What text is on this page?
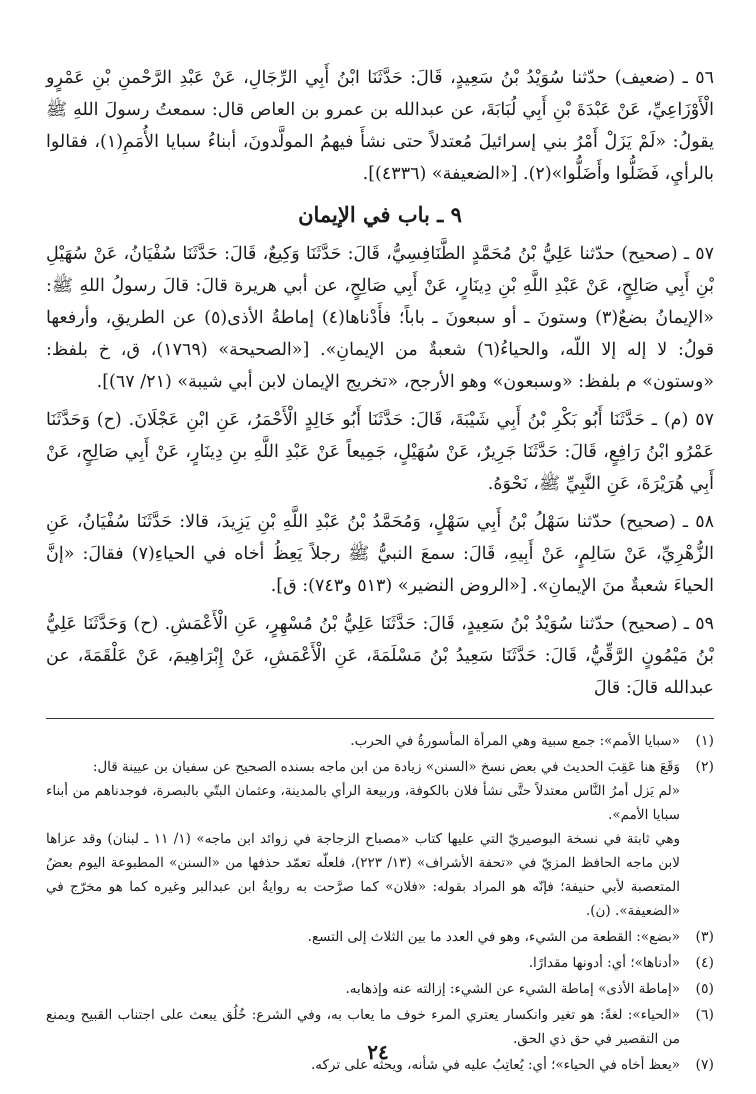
٥٦ ـ (ضعيف) حدّثنا سُوَيْدُ بْنُ سَعِيدٍ، قَالَ: حَدَّثَنَا ابْنُ أَبِي الرِّجَالِ، عَنْ عَبْدِ الرَّحْمنِ بْنِ عَمْرٍو الْأَوْزَاعِيِّ، عَنْ عَبْدَةَ بْنِ أَبِي لُبَابَةَ، عن عبدالله بن عمرو بن العاص قال: سمعتُ رسولَ اللهِ ﷺ يقولُ: «لَمْ يَزَلْ أَمْرُ بني إسرائيلَ مُعتدلاً حتى نشأَ فيهمُ المولَّدونَ، أبناءُ سبايا الأُمَمِ(١)، فقالوا بالرأيِ، فَضَلُّوا وأَضَلُّوا»(٢). [«الضعيفة» (٤٣٣٦)].

٩ ـ باب في الإيمان

٥٧ ـ (صحيح) حدّثنا عَلِيُّ بْنُ مُحَمَّدٍ الطَّنَافِسِيُّ، قَالَ: حَدَّثَنَا وَكِيعٌ، قَالَ: حَدَّثَنَا سُفْيَانُ، عَنْ سُهَيْلِ بْنِ أَبِي صَالِحٍ، عَنْ عَبْدِ اللَّهِ بْنِ دِينَارٍ، عَنْ أَبِي صَالِحٍ، عن أبي هريرة قالَ: قالَ رسولُ اللهِ ﷺ: «الإيمانُ بضعٌ(٣) وستونَ ـ أو سبعونَ ـ باباً؛ فأَدْناها(٤) إماطةُ الأذى(٥) عن الطريقِ، وأرفعها قولُ: لا إله إلا اللّه، والحياءُ(٦) شعبةٌ من الإيمانِ». [«الصحيحة» (١٧٦٩)، ق، خ بلفظ: «وستون» م بلفظ: «وسبعون» وهو الأرجح، «تخريج الإيمان لابن أبي شيبة» (٢١/ ٦٧)].

٥٧ (م) ـ حَدَّثَنَا أَبُو بَكْرِ بْنُ أَبِي شَيْبَةَ، قَالَ: حَدَّثَنَا أَبُو خَالِدٍ الْأَحْمَرُ، عَنِ ابْنِ عَجْلَانَ. (ح) وَحَدَّثَنَا عَمْرُو ابْنُ رَافِعٍ، قَالَ: حَدَّثَنَا جَرِيرٌ، عَنْ سُهَيْلٍ، جَمِيعاً عَنْ عَبْدِ اللَّهِ بنِ دِينَارٍ، عَنْ أَبِي صَالِحٍ، عَنْ أَبِي هُرَيْرَةَ، عَنِ النَّبِيِّ ﷺ، نَحْوَهُ.

٥٨ ـ (صحيح) حدّثنا سَهْلُ بْنُ أَبِي سَهْلٍ، وَمُحَمَّدُ بْنُ عَبْدِ اللَّهِ بْنِ يَزِيدَ، قالا: حَدَّثَنَا سُفْيَانُ، عَنِ الزُّهْرِيِّ، عَنْ سَالِمٍ، عَنْ أَبِيهِ، قَالَ: سمعَ النبيُّ ﷺ رجلاً يَعِظُ أخاه في الحياءِ(٧) فقالَ: «إنَّ الحياءَ شعبةٌ منَ الإيمانِ». [«الروض النضير» (٥١٣ و٧٤٣): ق].

٥٩ ـ (صحيح) حدّثنا سُوَيْدُ بْنُ سَعِيدٍ، قَالَ: حَدَّثَنَا عَلِيُّ بْنُ مُسْهِرٍ، عَنِ الْأَعْمَشِ. (ح) وَحَدَّثَنَا عَلِيُّ بْنُ مَيْمُونٍ الرَّقِّيُّ، قَالَ: حَدَّثَنَا سَعِيدُ بْنُ مَسْلَمَةَ، عَنِ الْأَعْمَشِ، عَنْ إِبْرَاهِيمَ، عَنْ عَلْقَمَةَ، عن عبدالله قالَ: قالَ

(١)
«سبايا الأمم»: جمع سبية وهي المرأة المأسورةُ في الحرب.
(٢)
وَقَعَ هنا عَقِبَ الحديث في بعض نسخ «السنن» زيادة من ابن ماجه بسنده الصحيح عن سفيان بن عيينة قال:
«لم يَزل أمرُ النَّاس معتدلاً حتَّى نشأ فلان بالكوفة، وربيعة الرأي بالمدينة، وعثمان البتّي بالبصرة، فوجدناهم من أبناء سبايا الأمم».
وهي ثابتة في نسخة البوصيريّ التي عليها كتاب «مصباح الزجاجة في زوائد ابن ماجه» (١/ ١١ ـ لبنان) وقد عزاها لابن ماجه الحافظ المزيّ في «تحفة الأشراف» (١٣/ ٢٢٣)، فلعلّه تعمّد حذفها من «السنن» المطبوعة اليوم بعضُ المتعصبة لأبي حنيفة؛ فإنّه هو المراد بقوله: «فلان» كما صرَّحت به روايةُ ابن عبدالبر وغيره كما هو مخرّج في «الضعيفة». (ن).
(٣)
«بضع»: القطعة من الشيء، وهو في العدد ما بين الثلاث إلى التسع.
(٤)
«أدناها»؛ أي: أدونها مقدارًا.
(٥)
«إماطة الأذى» إماطة الشيء عن الشيء: إزالته عنه وإذهابه.
(٦)
«الحياء»: لغةً: هو تغير وانكسار يعتري المرء خوف ما يعاب به، وفي الشرع: خُلُق يبعث على اجتناب القبيح ويمنع من التقصير في حق ذي الحق.
(٧)
«يعظ أخاه في الحياء»؛ أي: يُعاتِبُ عليه في شأنه، ويحثه على تركه.
٢٤
